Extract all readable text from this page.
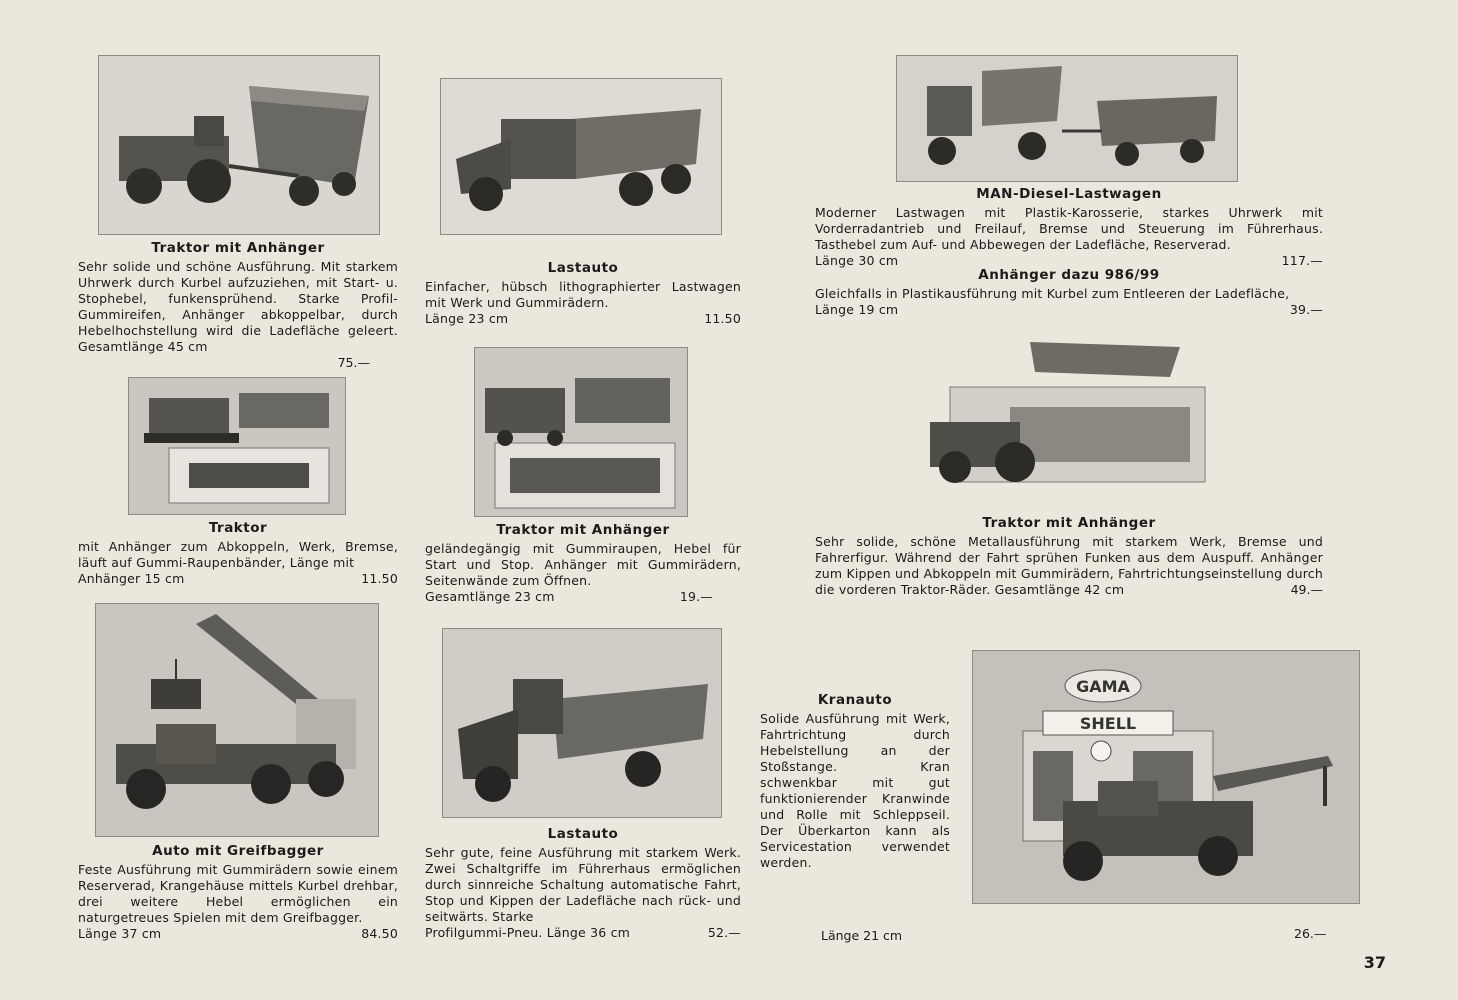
Traktor mit Anhänger
Sehr solide und schöne Ausführung. Mit starkem Uhrwerk durch Kurbel aufzuziehen, mit Start- u. Stophebel, funkensprühend. Starke Profil-Gummireifen, Anhänger abkoppelbar, durch Hebelhochstellung wird die Ladefläche geleert. Gesamtlänge 45 cm
75.—
Lastauto
Einfacher, hübsch lithographierter Lastwagen mit Werk und Gummirädern.
Länge 23 cm	11.50
MAN-Diesel-Lastwagen
Moderner Lastwagen mit Plastik-Karosserie, starkes Uhrwerk mit Vorderradantrieb und Freilauf, Bremse und Steuerung im Führerhaus. Tasthebel zum Auf- und Abbewegen der Ladefläche, Reserverad.
Länge 30 cm	117.—
Anhänger dazu 986/99
Gleichfalls in Plastikausführung mit Kurbel zum Entleeren der Ladefläche,
Länge 19 cm	39.—
Traktor
mit Anhänger zum Abkoppeln, Werk, Bremse, läuft auf Gummi-Raupenbänder, Länge mit
Anhänger 15 cm	11.50
Traktor mit Anhänger
geländegängig mit Gummiraupen, Hebel für Start und Stop. Anhänger mit Gummirädern, Seitenwände zum Öffnen.
Gesamtlänge 23 cm	19.—
Traktor mit Anhänger
Sehr solide, schöne Metallausführung mit starkem Werk, Bremse und Fahrerfigur. Während der Fahrt sprühen Funken aus dem Auspuff. Anhänger zum Kippen und Abkoppeln mit Gummirädern, Fahrtrichtungseinstellung durch die vorderen Traktor-Räder. Gesamtlänge 42 cm	49.—
Auto mit Greifbagger
Feste Ausführung mit Gummirädern sowie einem Reserverad, Krangehäuse mittels Kurbel drehbar, drei weitere Hebel ermöglichen ein naturgetreues Spielen mit dem Greifbagger.
Länge 37 cm	84.50
Lastauto
Sehr gute, feine Ausführung mit starkem Werk. Zwei Schaltgriffe im Führerhaus ermöglichen durch sinnreiche Schaltung automatische Fahrt, Stop und Kippen der Ladefläche nach rück- und seitwärts. Starke
Profilgummi-Pneu. Länge 36 cm	52.—
SHELL
GAMA
Kranauto
Solide Ausführung mit Werk, Fahrtrichtung durch Hebelstellung an der Stoßstange. Kran schwenkbar mit gut funktionierender Kranwinde und Rolle mit Schleppseil. Der Überkarton kann als Servicestation verwendet werden.
Länge 21 cm	26.—
37
